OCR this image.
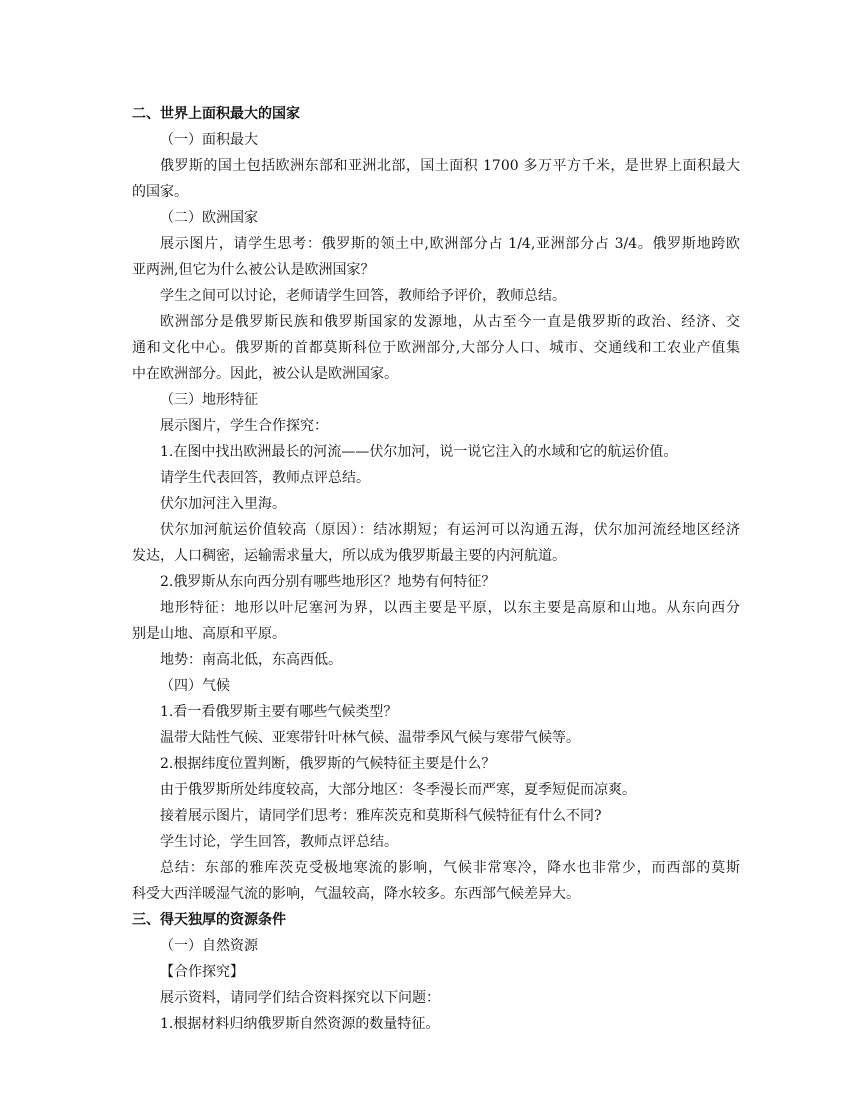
二、世界上面积最大的国家
（一）面积最大
俄罗斯的国土包括欧洲东部和亚洲北部，国土面积 1700 多万平方千米，是世界上面积最大
的国家。
（二）欧洲国家
展示图片，请学生思考：俄罗斯的领土中,欧洲部分占 1/4,亚洲部分占 3/4。俄罗斯地跨欧
亚两洲,但它为什么被公认是欧洲国家？
学生之间可以讨论，老师请学生回答，教师给予评价，教师总结。
欧洲部分是俄罗斯民族和俄罗斯国家的发源地，从古至今一直是俄罗斯的政治、经济、交
通和文化中心。俄罗斯的首都莫斯科位于欧洲部分,大部分人口、城市、交通线和工农业产值集
中在欧洲部分。因此，被公认是欧洲国家。
（三）地形特征
展示图片，学生合作探究：
1.在图中找出欧洲最长的河流——伏尔加河，说一说它注入的水域和它的航运价值。
请学生代表回答，教师点评总结。
伏尔加河注入里海。
伏尔加河航运价值较高（原因）：结冰期短；有运河可以沟通五海，伏尔加河流经地区经济
发达，人口稠密，运输需求量大，所以成为俄罗斯最主要的内河航道。
2.俄罗斯从东向西分别有哪些地形区？地势有何特征？
地形特征：地形以叶尼塞河为界，以西主要是平原，以东主要是高原和山地。从东向西分
别是山地、高原和平原。
地势：南高北低，东高西低。
（四）气候
1.看一看俄罗斯主要有哪些气候类型？
温带大陆性气候、亚寒带针叶林气候、温带季风气候与寒带气候等。
2.根据纬度位置判断，俄罗斯的气候特征主要是什么？
由于俄罗斯所处纬度较高，大部分地区：冬季漫长而严寒，夏季短促而凉爽。
接着展示图片，请同学们思考：雅库茨克和莫斯科气候特征有什么不同?
学生讨论，学生回答，教师点评总结。
总结：东部的雅库茨克受极地寒流的影响，气候非常寒冷，降水也非常少，而西部的莫斯
科受大西洋暖湿气流的影响，气温较高，降水较多。东西部气候差异大。
三、得天独厚的资源条件
（一）自然资源
【合作探究】
展示资料，请同学们结合资料探究以下问题：
1.根据材料归纳俄罗斯自然资源的数量特征。
